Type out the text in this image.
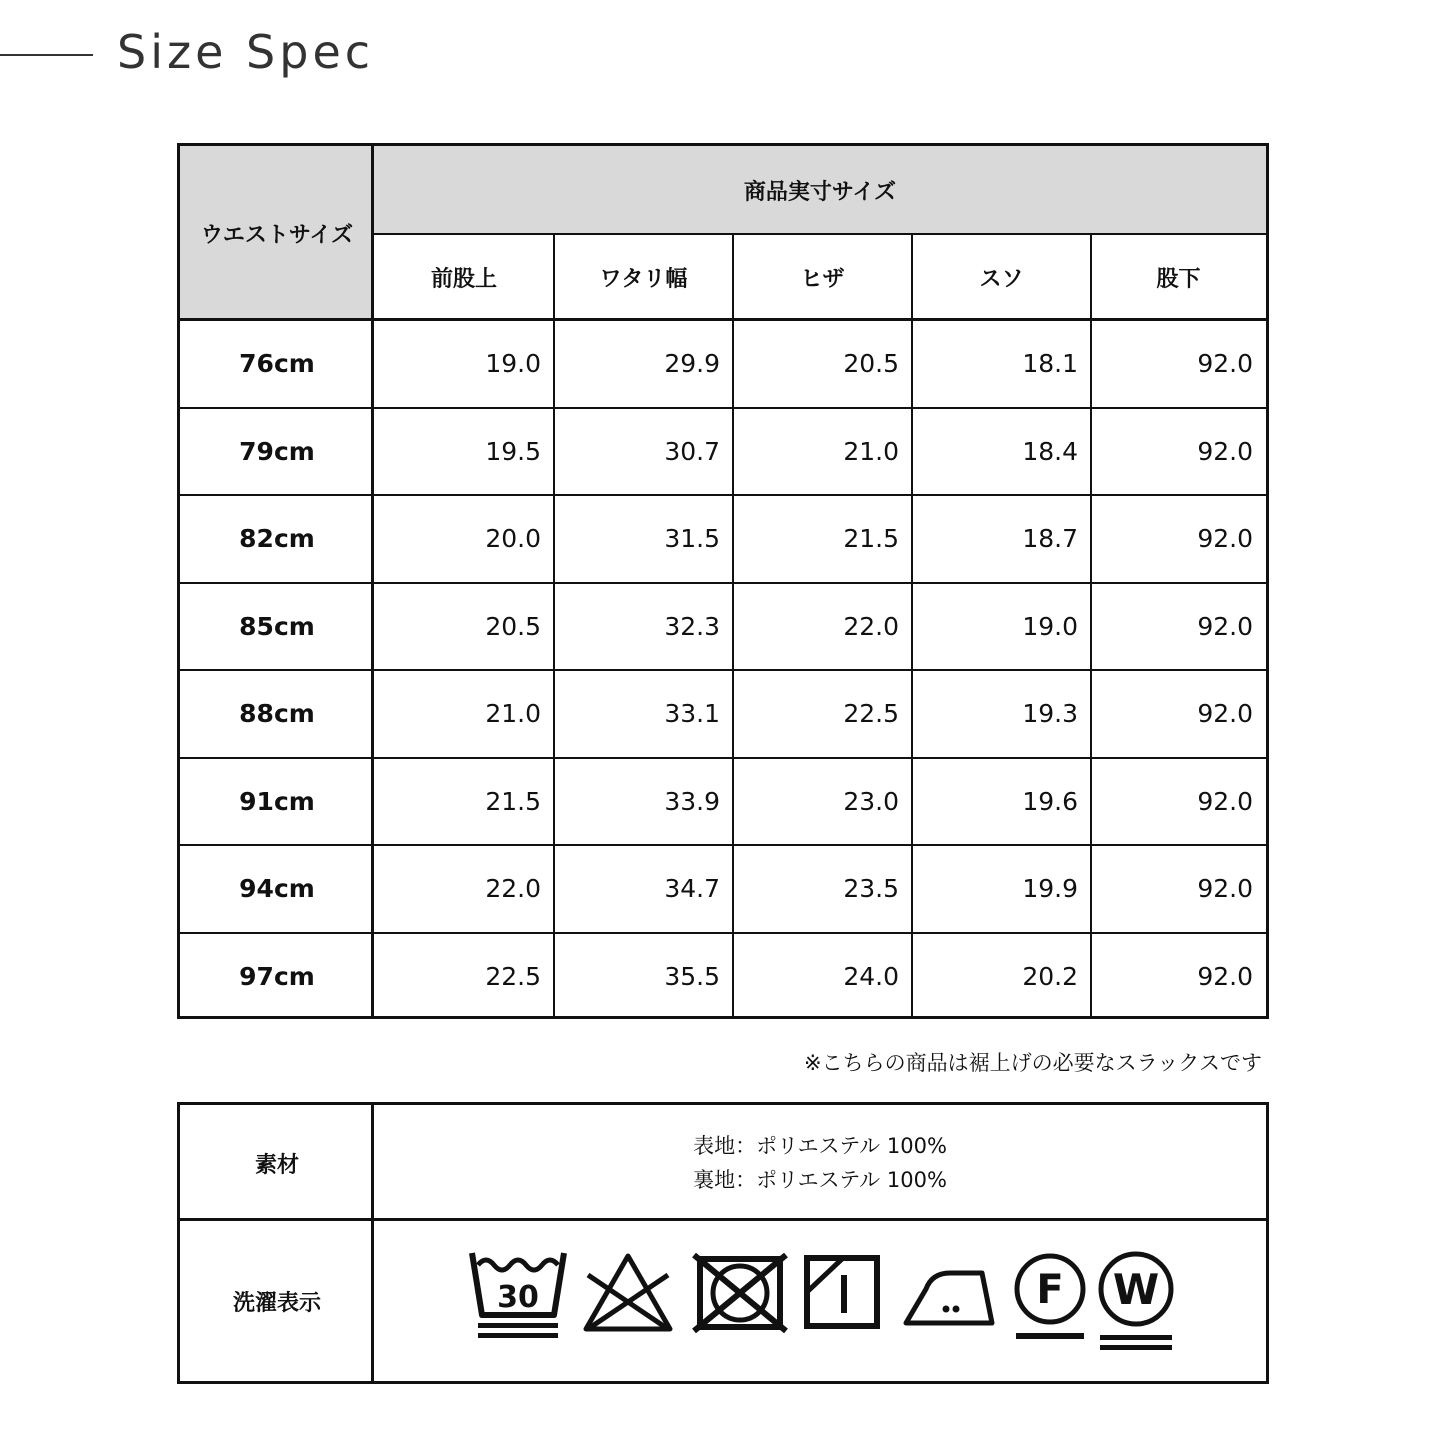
Size Spec
ウエストサイズ
商品実寸サイズ
前股上	ワタリ幅	ヒザ	スソ	股下
76cm	19.0	29.9	20.5	18.1	92.0
79cm	19.5	30.7	21.0	18.4	92.0
82cm	20.0	31.5	21.5	18.7	92.0
85cm	20.5	32.3	22.0	19.0	92.0
88cm	21.0	33.1	22.5	19.3	92.0
91cm	21.5	33.9	23.0	19.6	92.0
94cm	22.0	34.7	23.5	19.9	92.0
97cm	22.5	35.5	24.0	20.2	92.0
※こちらの商品は裾上げの必要なスラックスです
素材
表地：ポリエステル 100%
裏地：ポリエステル 100%
洗濯表示	30	F W
